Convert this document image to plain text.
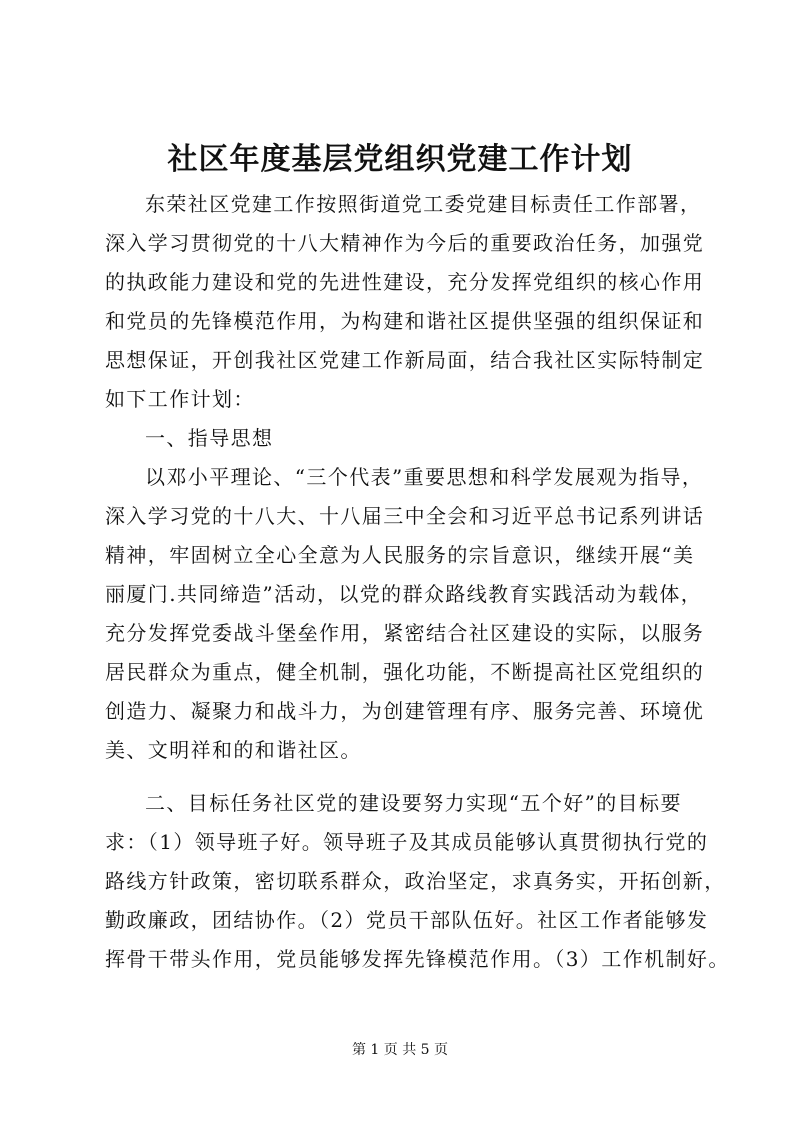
社区年度基层党组织党建工作计划
东荣社区党建工作按照街道党工委党建目标责任工作部署，
深入学习贯彻党的十八大精神作为今后的重要政治任务，加强党
的执政能力建设和党的先进性建设，充分发挥党组织的核心作用
和党员的先锋模范作用，为构建和谐社区提供坚强的组织保证和
思想保证，开创我社区党建工作新局面，结合我社区实际特制定
如下工作计划：
一、指导思想
以邓小平理论、“三个代表”重要思想和科学发展观为指导，
深入学习党的十八大、十八届三中全会和习近平总书记系列讲话
精神，牢固树立全心全意为人民服务的宗旨意识，继续开展“美
丽厦门.共同缔造”活动，以党的群众路线教育实践活动为载体，
充分发挥党委战斗堡垒作用，紧密结合社区建设的实际，以服务
居民群众为重点，健全机制，强化功能，不断提高社区党组织的
创造力、凝聚力和战斗力，为创建管理有序、服务完善、环境优
美、文明祥和的和谐社区。
二、目标任务社区党的建设要努力实现“五个好”的目标要
求：（1）领导班子好。领导班子及其成员能够认真贯彻执行党的
路线方针政策，密切联系群众，政治坚定，求真务实，开拓创新，
勤政廉政，团结协作。（2）党员干部队伍好。社区工作者能够发
挥骨干带头作用，党员能够发挥先锋模范作用。（3）工作机制好。
第 1 页 共 5 页
